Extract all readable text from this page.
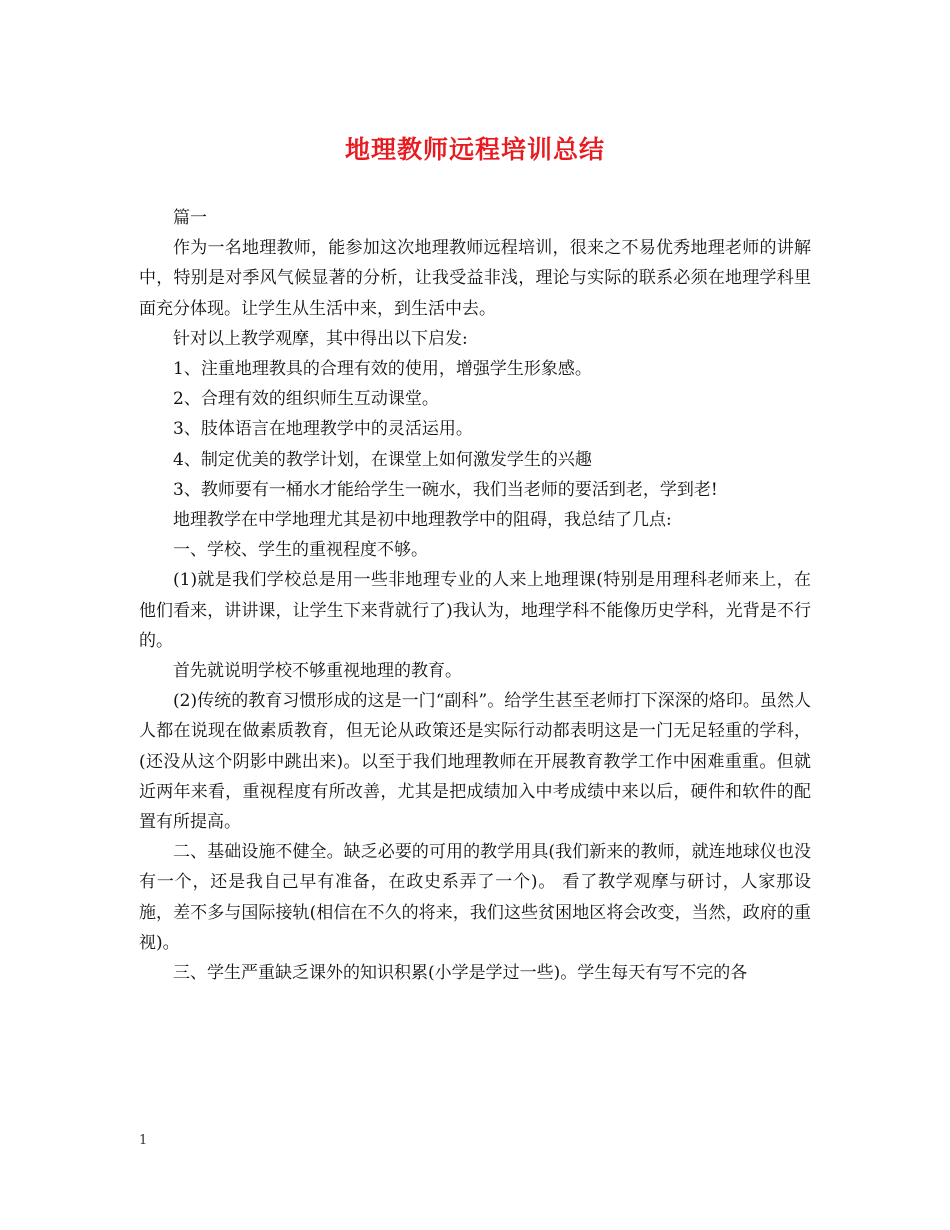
地理教师远程培训总结

篇一

作为一名地理教师，能参加这次地理教师远程培训，很来之不易优秀地理老师的讲解中，特别是对季风气候显著的分析，让我受益非浅，理论与实际的联系必须在地理学科里面充分体现。让学生从生活中来，到生活中去。

针对以上教学观摩，其中得出以下启发:

1、注重地理教具的合理有效的使用，增强学生形象感。

2、合理有效的组织师生互动课堂。

3、肢体语言在地理教学中的灵活运用。

4、制定优美的教学计划，在课堂上如何激发学生的兴趣

3、教师要有一桶水才能给学生一碗水，我们当老师的要活到老，学到老!

地理教学在中学地理尤其是初中地理教学中的阻碍，我总结了几点:

一、学校、学生的重视程度不够。

(1)就是我们学校总是用一些非地理专业的人来上地理课(特别是用理科老师来上，在他们看来，讲讲课，让学生下来背就行了)我认为，地理学科不能像历史学科，光背是不行的。

首先就说明学校不够重视地理的教育。

(2)传统的教育习惯形成的这是一门“副科”。给学生甚至老师打下深深的烙印。虽然人人都在说现在做素质教育，但无论从政策还是实际行动都表明这是一门无足轻重的学科，(还没从这个阴影中跳出来)。以至于我们地理教师在开展教育教学工作中困难重重。但就近两年来看，重视程度有所改善，尤其是把成绩加入中考成绩中来以后，硬件和软件的配置有所提高。

二、基础设施不健全。缺乏必要的可用的教学用具(我们新来的教师，就连地球仪也没有一个，还是我自己早有准备，在政史系弄了一个)。 看了教学观摩与研讨，人家那设施，差不多与国际接轨(相信在不久的将来，我们这些贫困地区将会改变，当然，政府的重视)。

三、学生严重缺乏课外的知识积累(小学是学过一些)。学生每天有写不完的各

1
